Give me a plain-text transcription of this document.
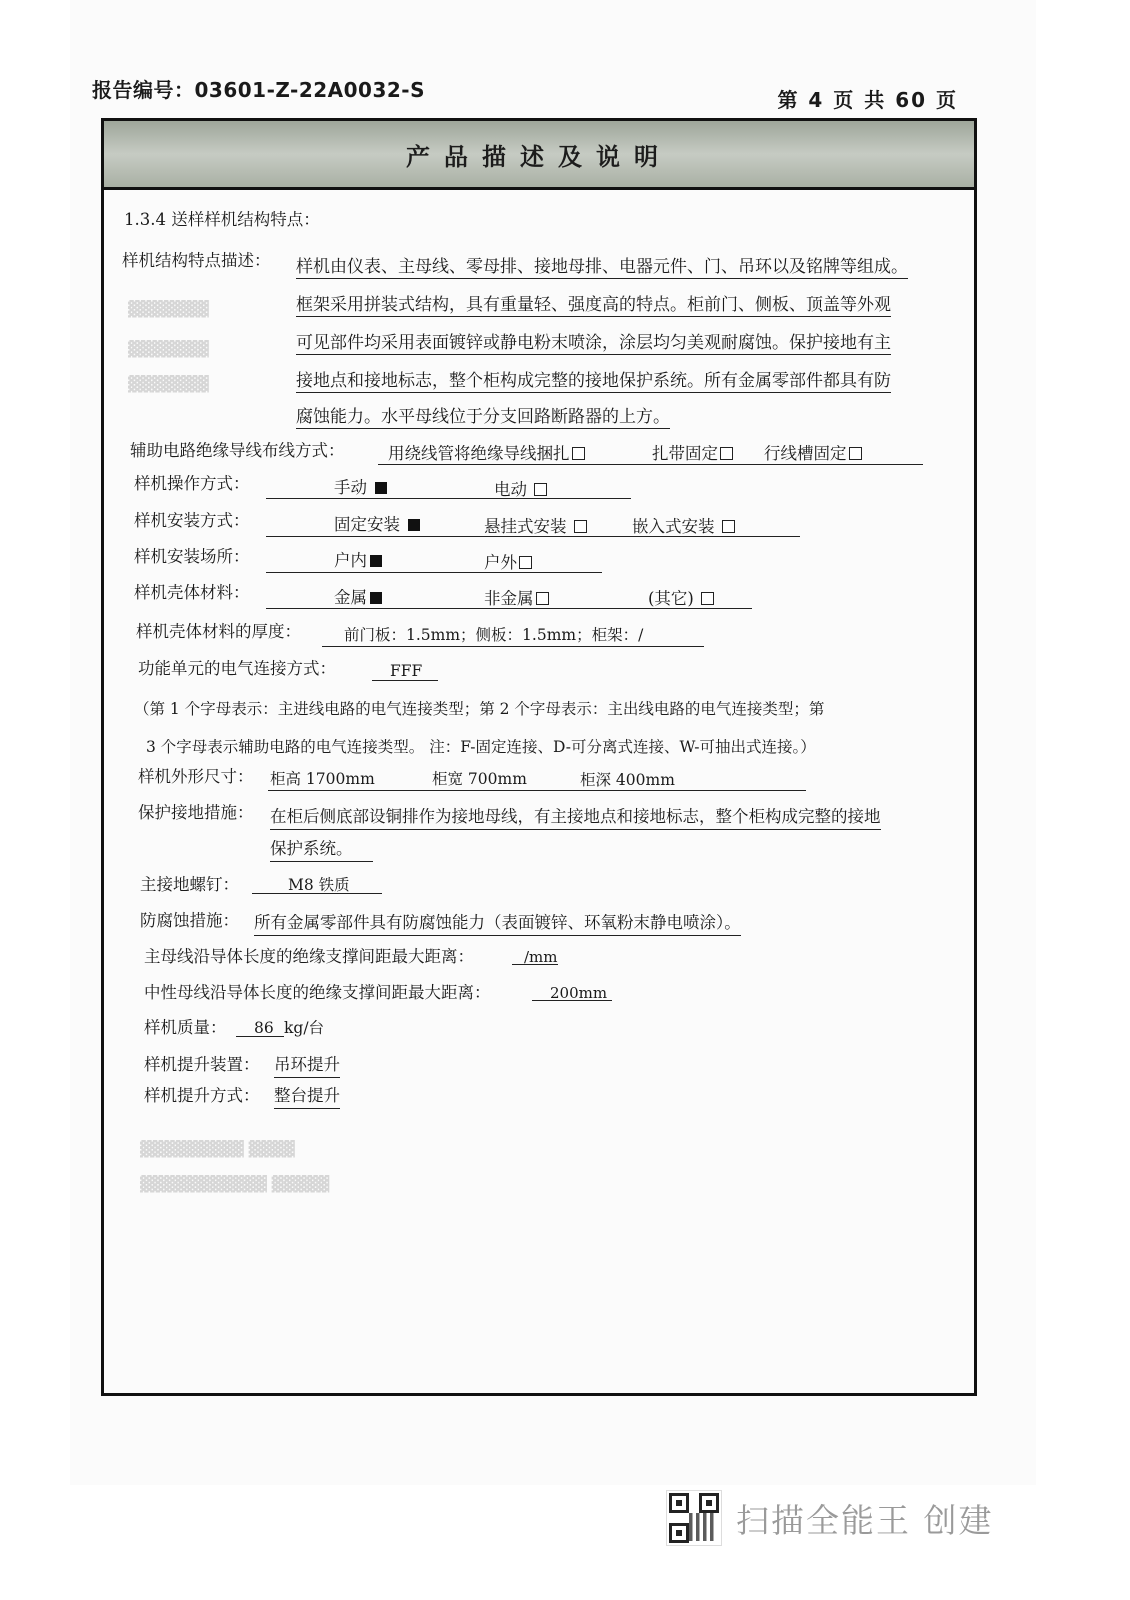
报告编号：03601-Z-22A0032-S	第 4 页 共 60 页
产品描述及说明
▓▓▓▓▓▓▓
▓▓▓▓▓▓▓
▓▓▓▓▓▓▓
▓▓▓▓▓▓▓▓▓ ▓▓▓▓
▓▓▓▓▓▓▓▓▓▓▓ ▓▓▓▓▓
1.3.4 送样样机结构特点：
样机结构特点描述： 样机由仪表、主母线、零母排、接地母排、电器元件、门、吊环以及铭牌等组成。
框架采用拼装式结构，具有重量轻、强度高的特点。柜前门、侧板、顶盖等外观
可见部件均采用表面镀锌或静电粉末喷涂，涂层均匀美观耐腐蚀。保护接地有主
接地点和接地标志，整个柜构成完整的接地保护系统。所有金属零部件都具有防
腐蚀能力。水平母线位于分支回路断路器的上方。
辅助电路绝缘导线布线方式：	用绕线管将绝缘导线捆扎	扎带固定	行线槽固定
样机操作方式：	手动	电动
样机安装方式：	固定安装	悬挂式安装	嵌入式安装
样机安装场所：	户内	户外
样机壳体材料：	金属	非金属	(其它)
样机壳体材料的厚度：	前门板：1.5mm；侧板：1.5mm；柜架：/
功能单元的电气连接方式：	FFF
（第 1 个字母表示：主进线电路的电气连接类型；第 2 个字母表示：主出线电路的电气连接类型；第
3 个字母表示辅助电路的电气连接类型。 注：F-固定连接、D-可分离式连接、W-可抽出式连接。）
样机外形尺寸： 柜高 1700mm	柜宽 700mm	柜深 400mm
保护接地措施： 在柜后侧底部设铜排作为接地母线，有主接地点和接地标志，整个柜构成完整的接地
保护系统。
主接地螺钉：	M8 铁质
防腐蚀措施： 所有金属零部件具有防腐蚀能力（表面镀锌、环氧粉末静电喷涂）。
主母线沿导体长度的绝缘支撑间距最大距离：	/mm
中性母线沿导体长度的绝缘支撑间距最大距离：	200mm
样机质量： 86 kg/台
样机提升装置： 吊环提升
样机提升方式： 整台提升
扫描全能王 创建
